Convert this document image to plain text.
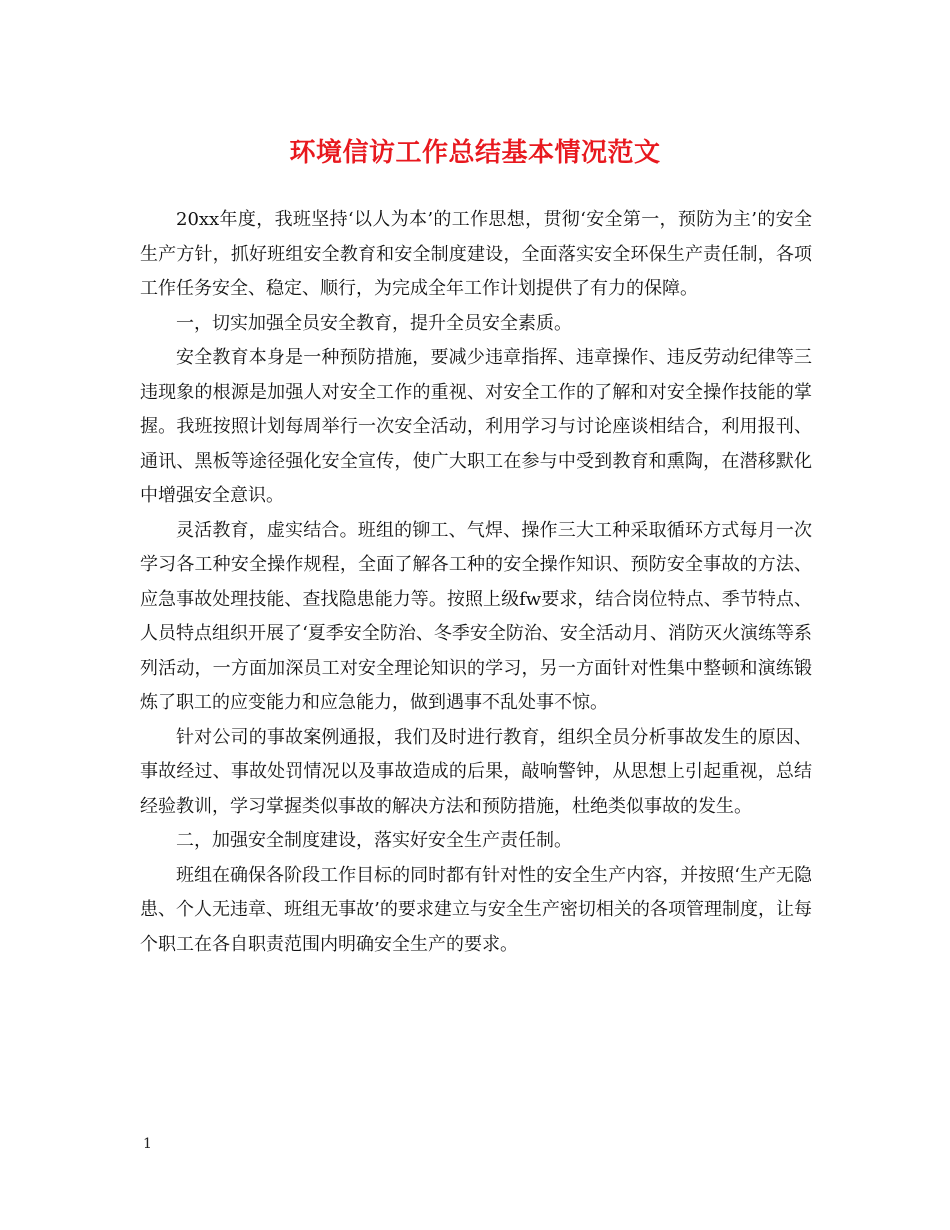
环境信访工作总结基本情况范文

20xx年度，我班坚持‘以人为本’的工作思想，贯彻‘安全第一，预防为主’的安全生产方针，抓好班组安全教育和安全制度建设，全面落实安全环保生产责任制，各项工作任务安全、稳定、顺行，为完成全年工作计划提供了有力的保障。

一，切实加强全员安全教育，提升全员安全素质。

安全教育本身是一种预防措施，要减少违章指挥、违章操作、违反劳动纪律等三违现象的根源是加强人对安全工作的重视、对安全工作的了解和对安全操作技能的掌握。我班按照计划每周举行一次安全活动，利用学习与讨论座谈相结合，利用报刊、通讯、黑板等途径强化安全宣传，使广大职工在参与中受到教育和熏陶，在潜移默化中增强安全意识。

灵活教育，虚实结合。班组的铆工、气焊、操作三大工种采取循环方式每月一次学习各工种安全操作规程，全面了解各工种的安全操作知识、预防安全事故的方法、应急事故处理技能、查找隐患能力等。按照上级fw要求，结合岗位特点、季节特点、人员特点组织开展了‘夏季安全防治、冬季安全防治、安全活动月、消防灭火演练等系列活动，一方面加深员工对安全理论知识的学习，另一方面针对性集中整顿和演练锻炼了职工的应变能力和应急能力，做到遇事不乱处事不惊。

针对公司的事故案例通报，我们及时进行教育，组织全员分析事故发生的原因、事故经过、事故处罚情况以及事故造成的后果，敲响警钟，从思想上引起重视，总结经验教训，学习掌握类似事故的解决方法和预防措施，杜绝类似事故的发生。

二，加强安全制度建设，落实好安全生产责任制。

班组在确保各阶段工作目标的同时都有针对性的安全生产内容，并按照‘生产无隐患、个人无违章、班组无事故’的要求建立与安全生产密切相关的各项管理制度，让每个职工在各自职责范围内明确安全生产的要求。

1
